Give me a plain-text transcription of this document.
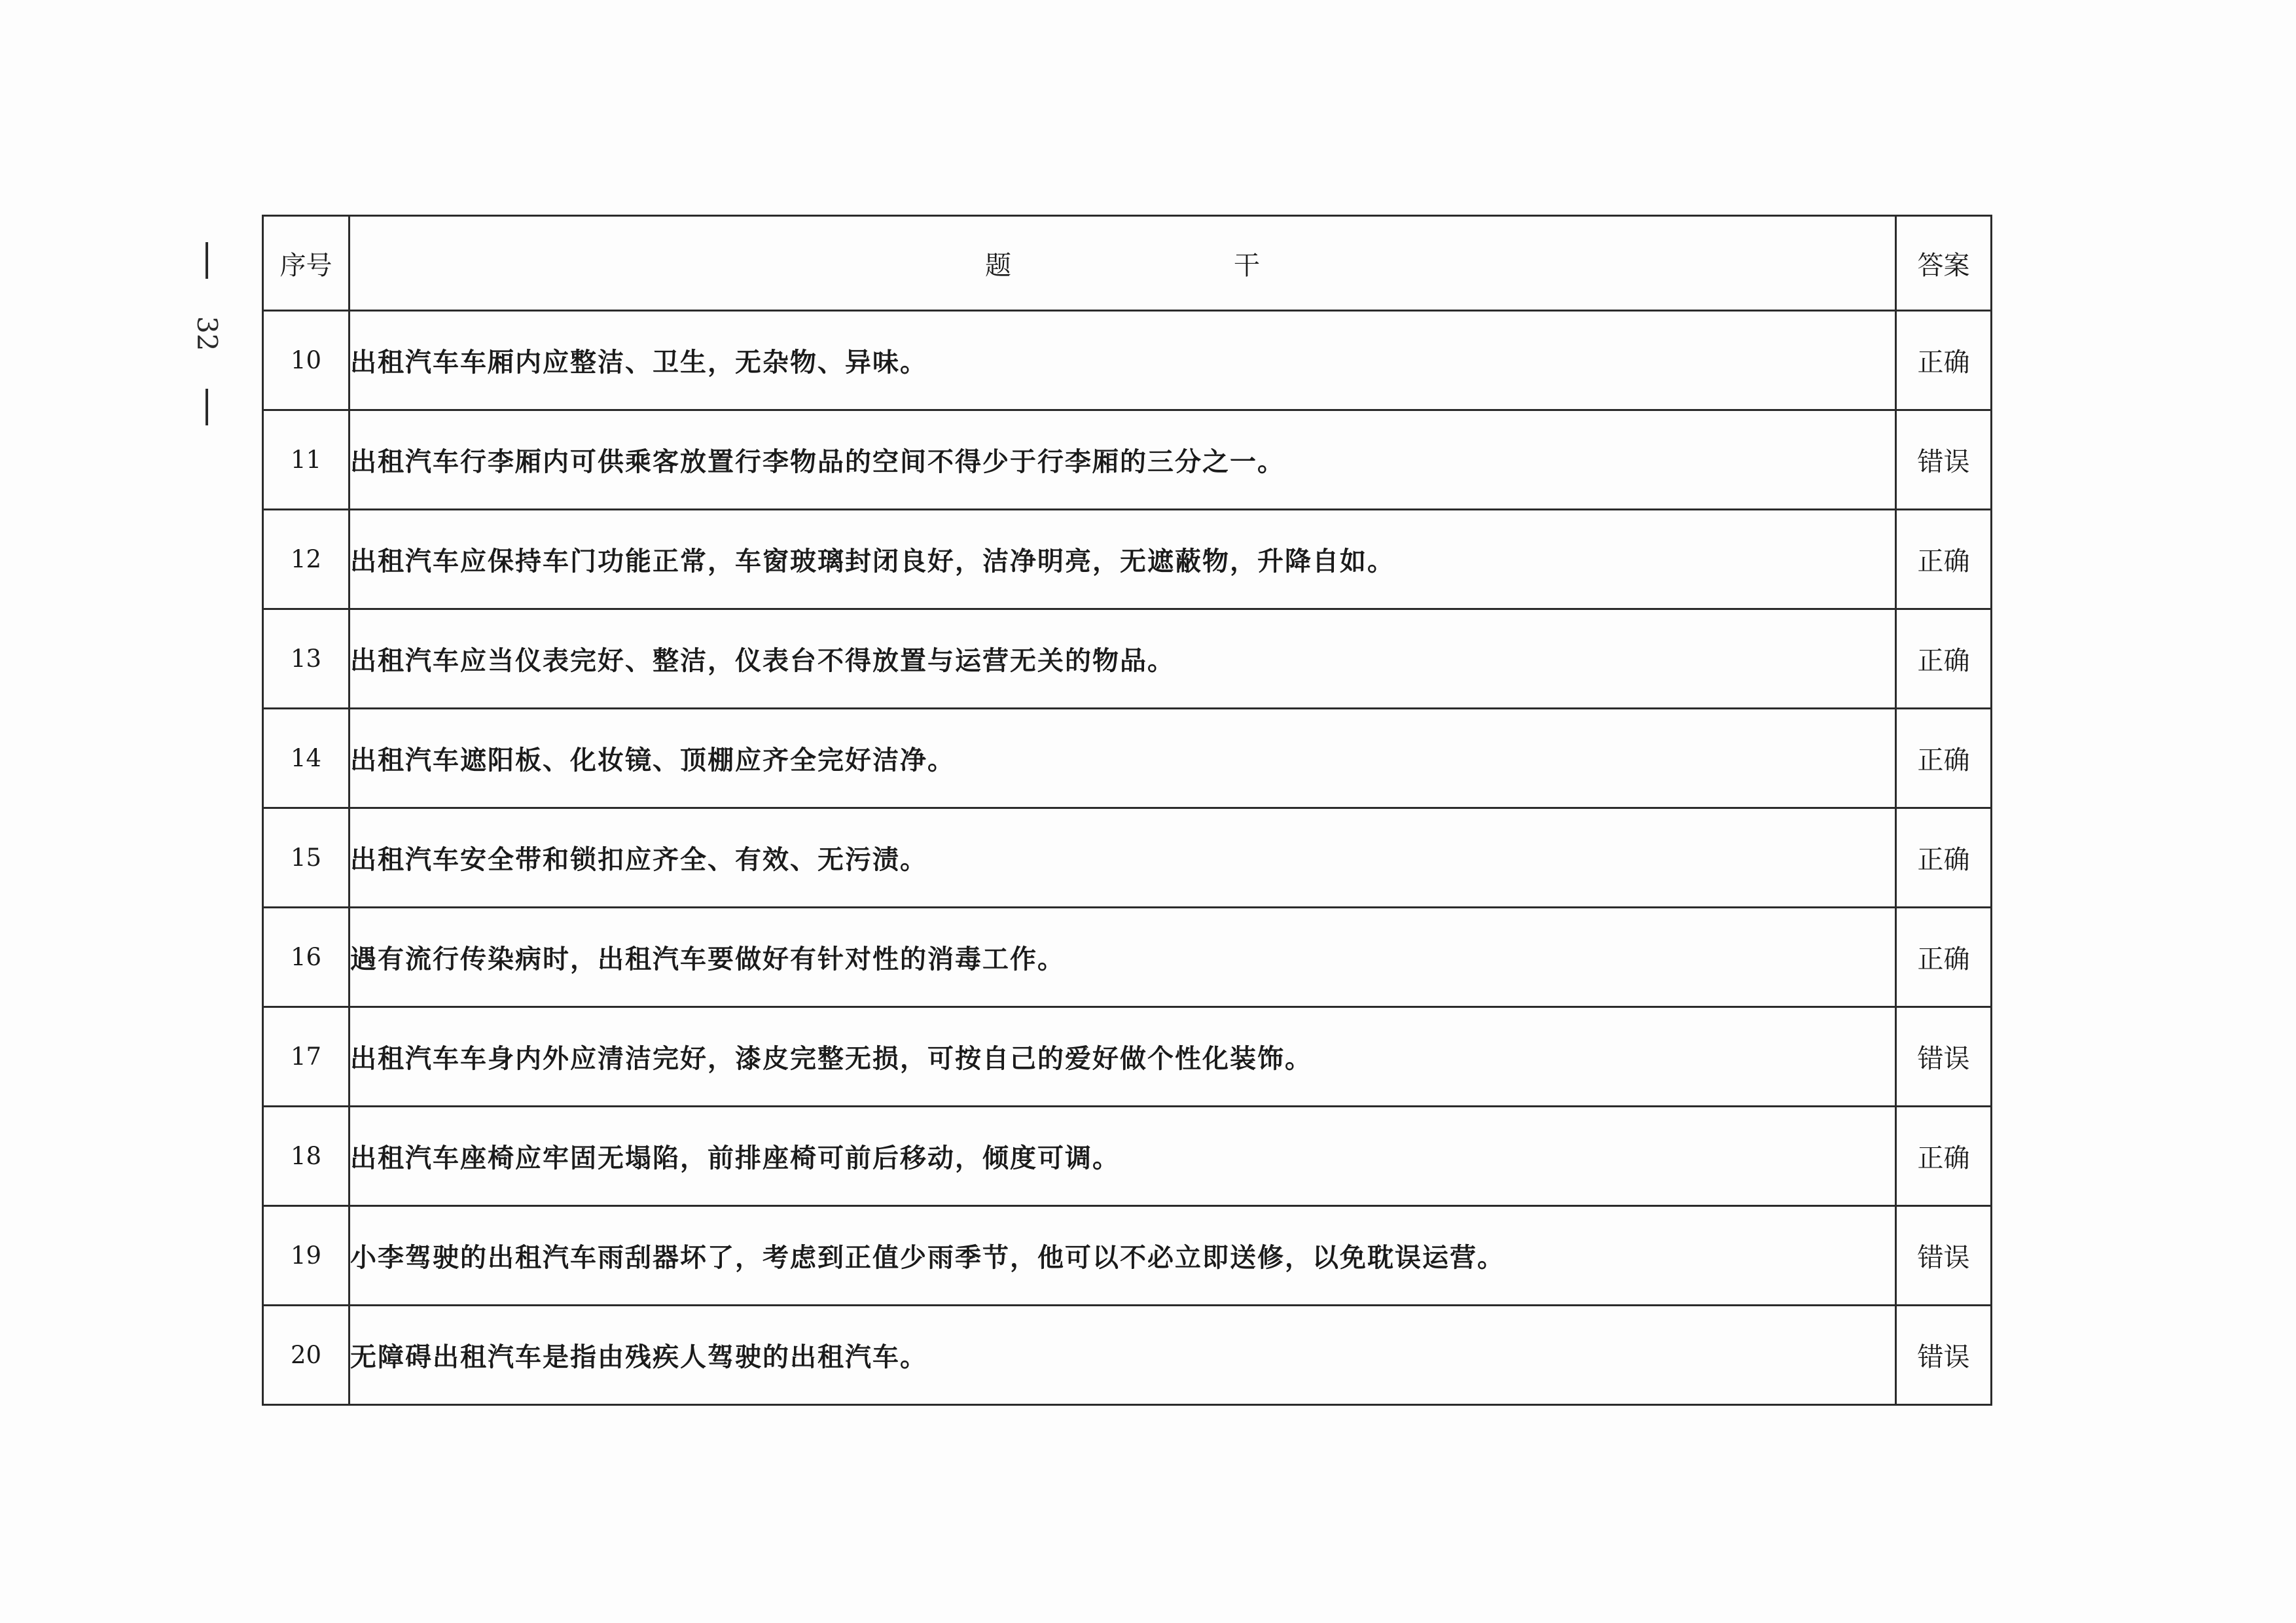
32
序号	题 干	答案
10	出租汽车车厢内应整洁、卫生，无杂物、异味。	正确
11	出租汽车行李厢内可供乘客放置行李物品的空间不得少于行李厢的三分之一。	错误
12	出租汽车应保持车门功能正常，车窗玻璃封闭良好，洁净明亮，无遮蔽物，升降自如。	正确
13	出租汽车应当仪表完好、整洁，仪表台不得放置与运营无关的物品。	正确
14	出租汽车遮阳板、化妆镜、顶棚应齐全完好洁净。	正确
15	出租汽车安全带和锁扣应齐全、有效、无污渍。	正确
16	遇有流行传染病时，出租汽车要做好有针对性的消毒工作。	正确
17	出租汽车车身内外应清洁完好，漆皮完整无损，可按自己的爱好做个性化装饰。	错误
18	出租汽车座椅应牢固无塌陷，前排座椅可前后移动，倾度可调。	正确
19	小李驾驶的出租汽车雨刮器坏了，考虑到正值少雨季节，他可以不必立即送修，以免耽误运营。	错误
20	无障碍出租汽车是指由残疾人驾驶的出租汽车。	错误
